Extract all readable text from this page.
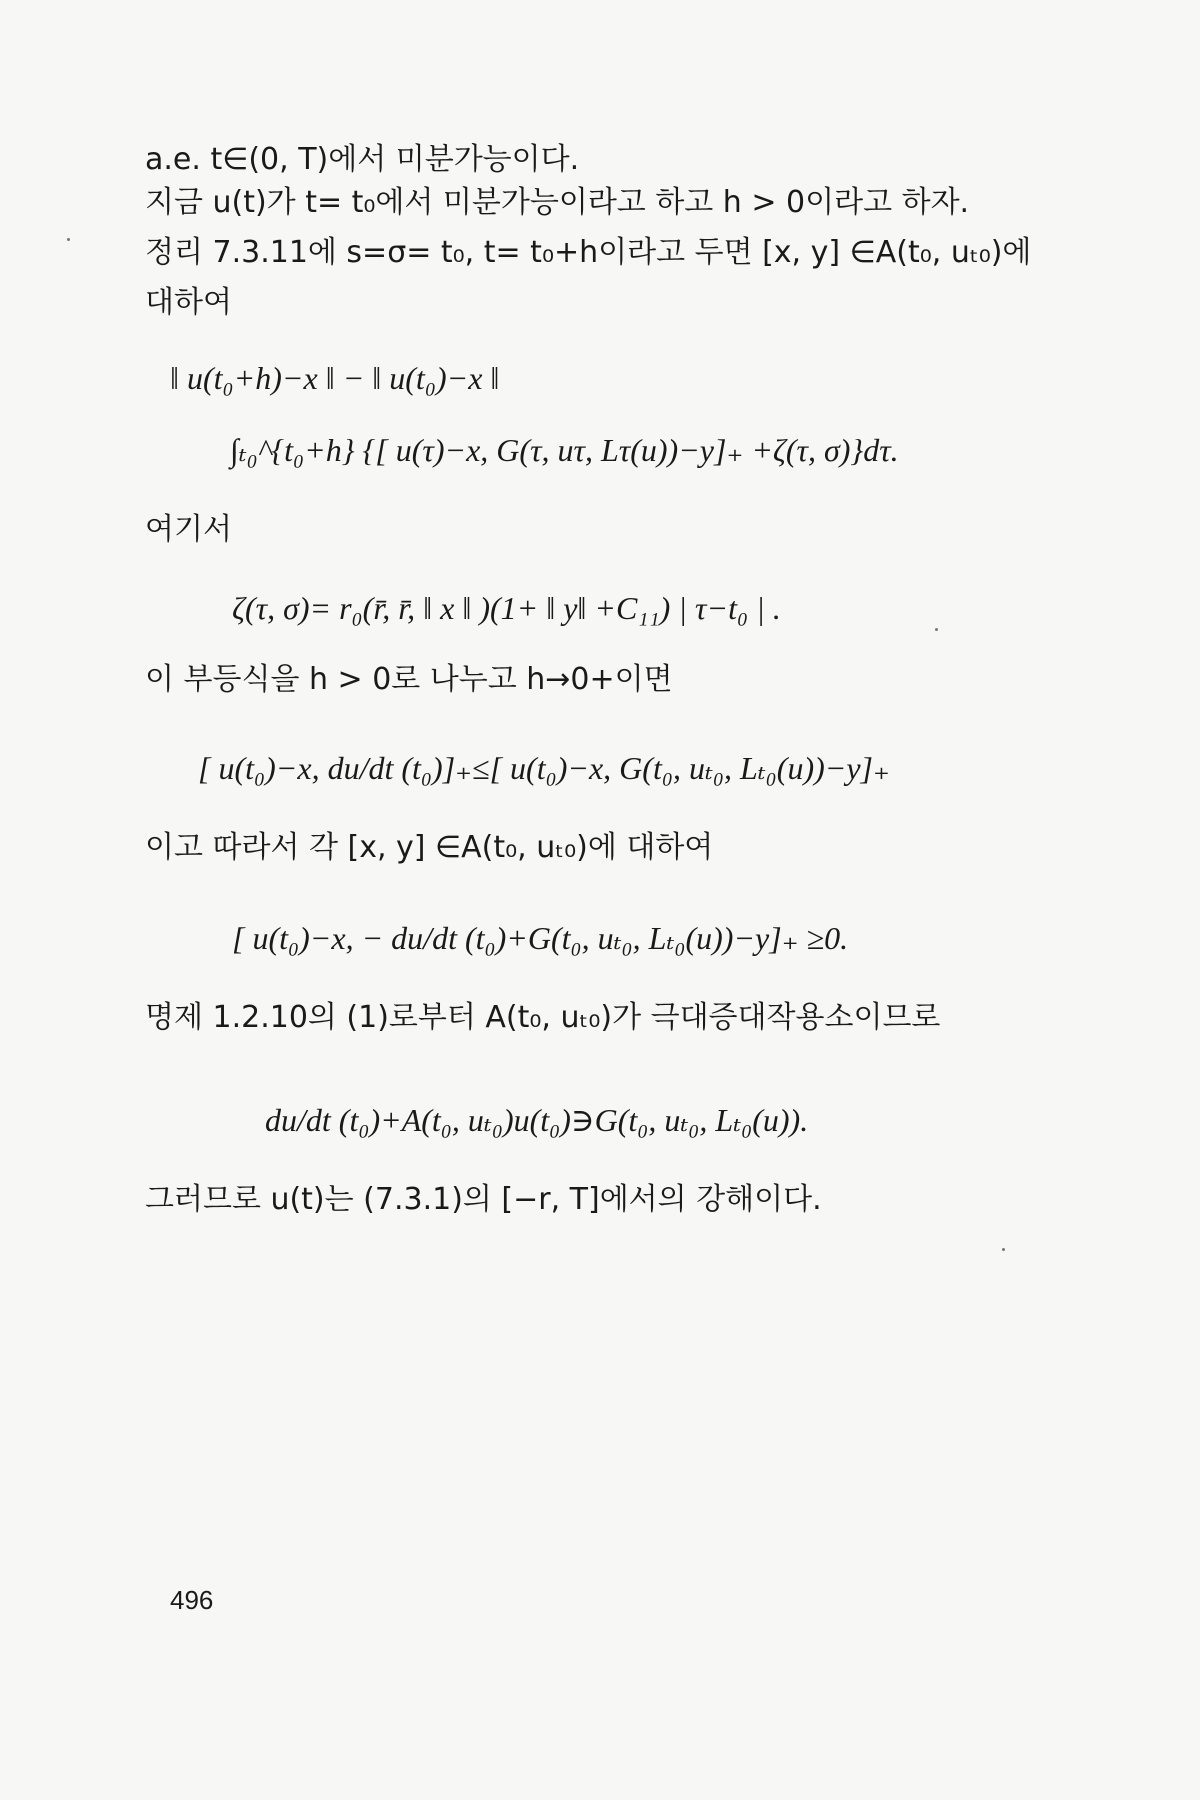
a.e. t∈(0, T)에서 미분가능이다.
지금 u(t)가 t= t₀에서 미분가능이라고 하고 h > 0이라고 하자.
정리 7.3.11에 s=σ= t₀, t= t₀+h이라고 두면 [x, y] ∈A(t₀, uₜ₀)에
대하여
‖ u(t₀+h)−x ‖ − ‖ u(t₀)−x ‖
∫ₜ₀^{t₀+h} {[ u(τ)−x, G(τ, uτ, Lτ(u))−y]₊ +ζ(τ, σ)}dτ.
여기서
ζ(τ, σ)= r₀(r̄, r̄, ‖ x ‖ )(1+ ‖ y‖ +C₁₁) | τ−t₀ | .
이 부등식을 h > 0로 나누고 h→0+이면
[ u(t₀)−x, du/dt (t₀)]₊≤[ u(t₀)−x, G(t₀, uₜ₀, Lₜ₀(u))−y]₊
이고 따라서 각 [x, y] ∈A(t₀, uₜ₀)에 대하여
[ u(t₀)−x, − du/dt (t₀)+G(t₀, uₜ₀, Lₜ₀(u))−y]₊ ≥0.
명제 1.2.10의 (1)로부터 A(t₀, uₜ₀)가 극대증대작용소이므로
du/dt (t₀)+A(t₀, uₜ₀)u(t₀)∋G(t₀, uₜ₀, Lₜ₀(u)).
그러므로 u(t)는 (7.3.1)의 [−r, T]에서의 강해이다.
496
